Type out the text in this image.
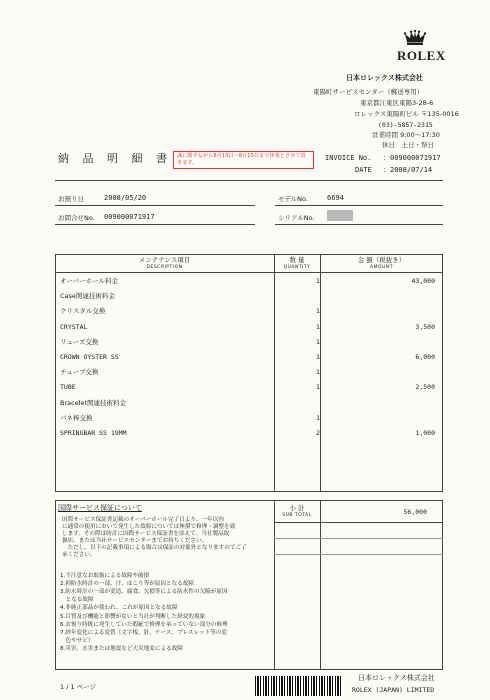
ROLEX
日本ロレックス株式会社
東陽町サービスセンター（郵送専用）
東京都江東区東陽3-28-6
ロレックス東陽町ビル 〒135-0016
(03)-5857-2315
営業時間 9:00～17:30
休日　土日・祭日
納 品 明 細 書 誠に勝手ながら8月13日～8月15日まで休業とさせて頂きます。
INVOICE No. ：009000071917
DATE ：2008/07/14
お預り日	2008/05/20
お問合せNo. 009000071917
モデルNo.	6694
シリアルNo.
メンテナンス項目
DESCRIPTION
数 量
QUANTITY
金 額（税抜き）
AMOUNT
オーバーホール料金	1	43,000
Case関連技術料金
クリスタル交換	1
CRYSTAL	1	3,500
リューズ交換	1
CROWN OYSTER SS	1	6,000
チューブ交換	1
TUBE	1	2,500
Bracelet関連技術料金
バネ棒交換	1
SPRINGBAR SS 19MM	2	1,000
小 計
SUB TOTAL	56,000
国際サービス保証について
国際サービス保証書記載のオーバーホール完了日より、一年以内
に通常の使用において発生した故障については無償で修理・調整を致
します。その際は時計に国際サービス保証書を添えて、当社製品取
扱店、または当社サービスセンターまでお持ちください。
　ただし、以下の記載事項による場合は保証の対象外となりますのでご了
承ください。
1.不注意なお取扱による故障や破損
2.抑防水時計の一部、汗、ほこり等が原因となる故障
3.防水時計の一部が変造、腐食、欠損等による防水性の欠陥が原因
　となる故障
4.非純正部品が使われ、これが原因となる故障
5.目質及び機能と影響がないと当社が判断した経変的現象
6.お預り時既に発生していた瑕疵で修理を承っていない部分の修理
7.経年変化による変質（文字板、針、ケース、ブレスレット等の変
　色やサビ）
8.災害、水害または地震など天災地変による故障
1 / 1 ページ
日本ロレックス株式会社
ROLEX (JAPAN) LIMITED
